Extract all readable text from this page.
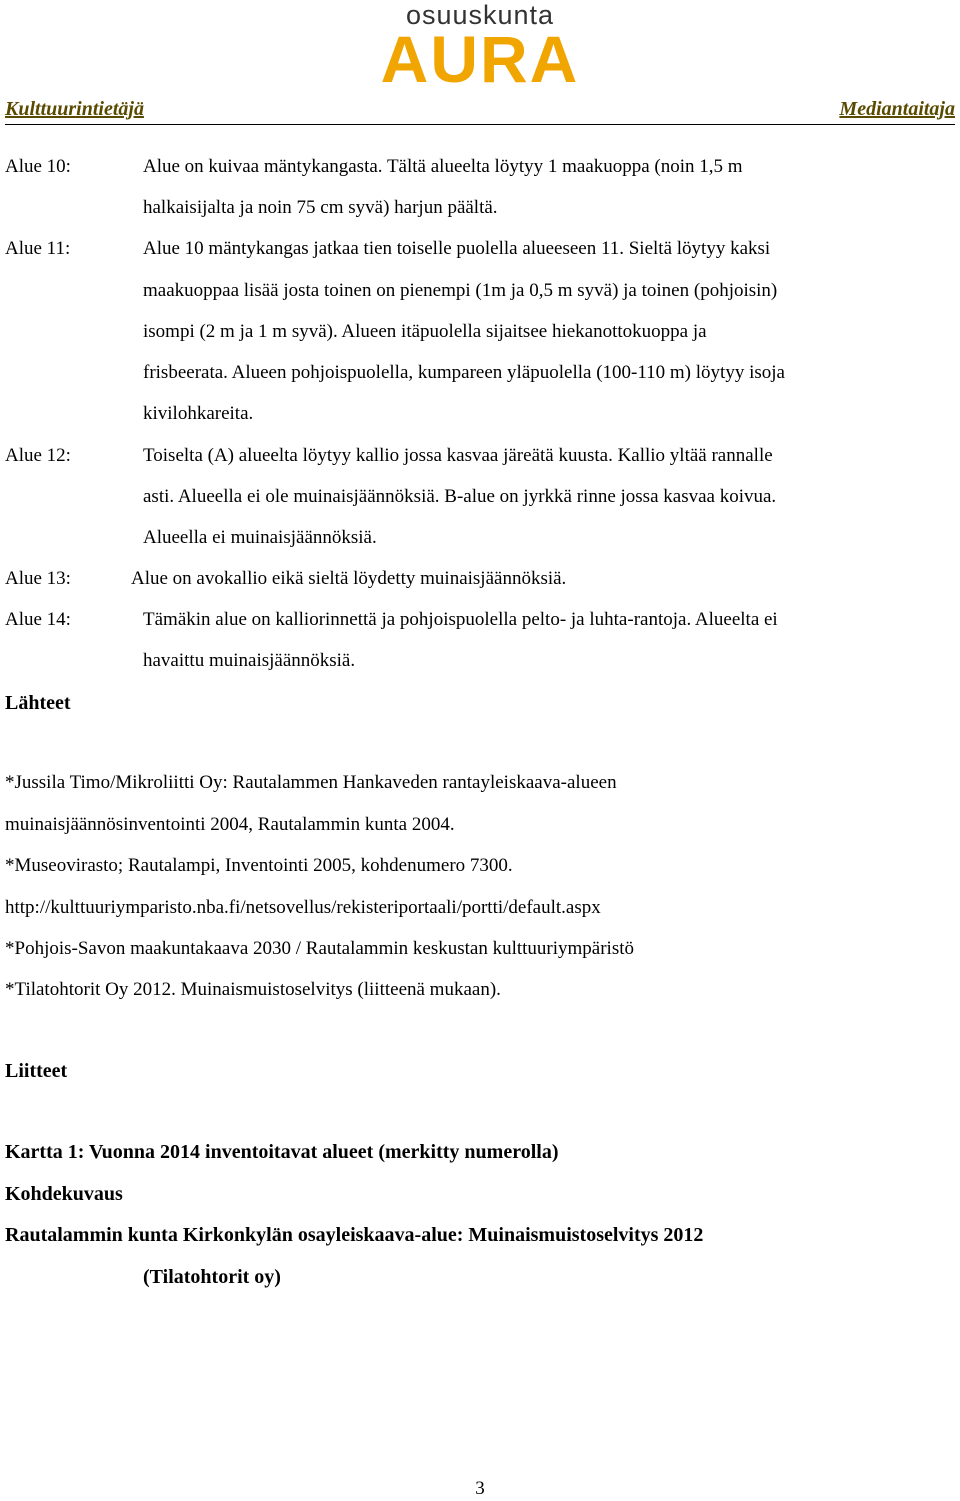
osuuskunta
AURA
Kulttuurintietäjä	Mediantaitaja
Alue 10:	Alue on kuivaa mäntykangasta. Tältä alueelta löytyy 1 maakuoppa (noin 1,5 m
halkaisijalta ja noin 75 cm syvä) harjun päältä.
Alue 11:	Alue 10 mäntykangas jatkaa tien toiselle puolella alueeseen 11. Sieltä löytyy kaksi
maakuoppaa lisää josta toinen on pienempi (1m ja 0,5 m syvä) ja toinen (pohjoisin)
isompi (2 m ja 1 m syvä). Alueen itäpuolella sijaitsee hiekanottokuoppa ja
frisbeerata. Alueen pohjoispuolella, kumpareen yläpuolella (100-110 m) löytyy isoja
kivilohkareita.
Alue 12:	Toiselta (A) alueelta löytyy kallio jossa kasvaa järeätä kuusta. Kallio yltää rannalle
asti. Alueella ei ole muinaisjäännöksiä. B-alue on jyrkkä rinne jossa kasvaa koivua.
Alueella ei muinaisjäännöksiä.
Alue 13:	Alue on avokallio eikä sieltä löydetty muinaisjäännöksiä.
Alue 14:	Tämäkin alue on kalliorinnettä ja pohjoispuolella pelto- ja luhta-rantoja. Alueelta ei
havaittu muinaisjäännöksiä.
Lähteet
*Jussila Timo/Mikroliitti Oy: Rautalammen Hankaveden rantayleiskaava-alueen
muinaisjäännösinventointi 2004, Rautalammin kunta 2004.
*Museovirasto; Rautalampi, Inventointi 2005, kohdenumero 7300.
http://kulttuuriymparisto.nba.fi/netsovellus/rekisteriportaali/portti/default.aspx
*Pohjois-Savon maakuntakaava 2030 / Rautalammin keskustan kulttuuriympäristö
*Tilatohtorit Oy 2012. Muinaismuistoselvitys (liitteenä mukaan).
Liitteet
Kartta 1: Vuonna 2014 inventoitavat alueet (merkitty numerolla)
Kohdekuvaus
Rautalammin kunta Kirkonkylän osayleiskaava-alue: Muinaismuistoselvitys 2012
(Tilatohtorit oy)
3
